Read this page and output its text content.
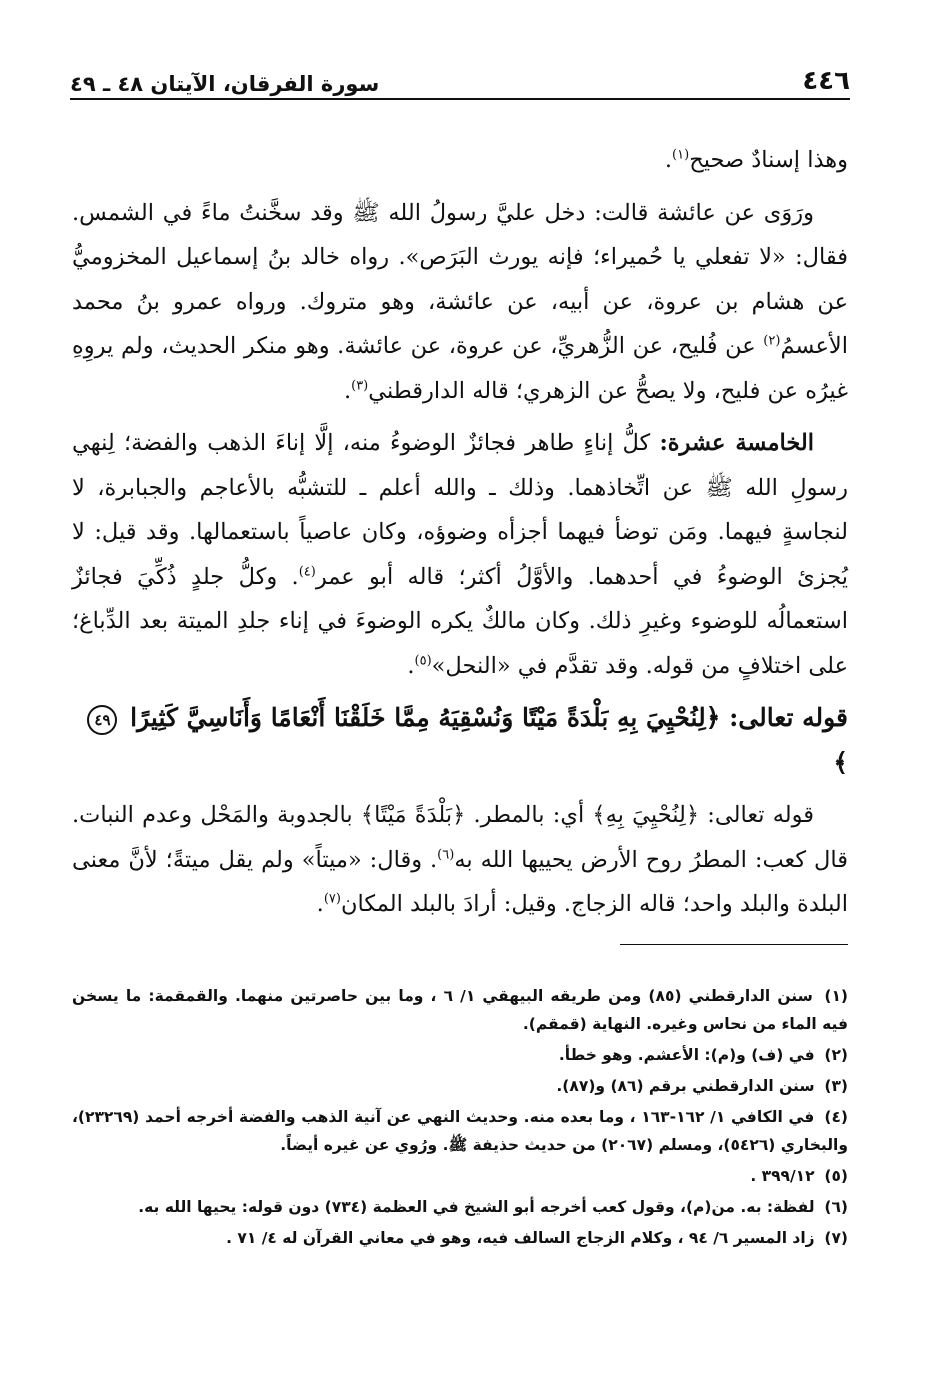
٤٤٦
سورة الفرقان، الآيتان ٤٨ ـ ٤٩

وهذا إسنادٌ صحيح$^{(١)}$.

ورَوَى عن عائشة قالت: دخل عليَّ رسولُ الله ﷺ وقد سخَّنتُ ماءً في الشمس. فقال: «لا تفعلي يا حُميراء؛ فإنه يورث البَرَص». رواه خالد بنُ إسماعيل المخزوميُّ عن هشام بن عروة، عن أبيه، عن عائشة، وهو متروك. ورواه عمرو بنُ محمد الأعسمُ$^{(٢)}$ عن فُليح، عن الزُّهريِّ، عن عروة، عن عائشة. وهو منكر الحديث، ولم يروِهِ غيرُه عن فليح، ولا يصحُّ عن الزهري؛ قاله الدارقطني$^{(٣)}$.

الخامسة عشرة: كلُّ إناءٍ طاهر فجائزٌ الوضوءُ منه، إلَّا إناءَ الذهب والفضة؛ لِنهي رسولِ الله ﷺ عن اتِّخاذهما. وذلك ـ والله أعلم ـ للتشبُّه بالأعاجم والجبابرة، لا لنجاسةٍ فيهما. ومَن توضأ فيهما أجزأه وضوؤه، وكان عاصياً باستعمالها. وقد قيل: لا يُجزئ الوضوءُ في أحدهما. والأوَّلُ أكثر؛ قاله أبو عمر$^{(٤)}$. وكلُّ جلدٍ ذُكِّيَ فجائزٌ استعمالُه للوضوء وغيرِ ذلك. وكان مالكٌ يكره الوضوءَ في إناء جلدِ الميتة بعد الدِّباغ؛ على اختلافٍ من قوله. وقد تقدَّم في «النحل»$^{(٥)}$.

قوله تعالى: ﴿لِنُحْيِيَ بِهِ بَلْدَةً مَيْتًا وَنُسْقِيَهُ مِمَّا خَلَقْنَا أَنْعَامًا وَأَنَاسِيَّ كَثِيرًا ٤٩﴾

قوله تعالى: ﴿لِنُحْيِيَ بِهِ﴾ أي: بالمطر. ﴿بَلْدَةً مَيْتًا﴾ بالجدوبة والمَحْل وعدم النبات. قال كعب: المطرُ روح الأرض يحييها الله به$^{(٦)}$. وقال: «ميتاً» ولم يقل ميتةً؛ لأنَّ معنى البلدة والبلد واحد؛ قاله الزجاج. وقيل: أرادَ بالبلد المكان$^{(٧)}$.

(١) سنن الدارقطني (٨٥) ومن طريقه البيهقي ١/ ٦ ، وما بين حاصرتين منهما. والقمقمة: ما يسخن فيه الماء من نحاس وغيره. النهاية (قمقم).
(٢) في (ف) و(م): الأعشم. وهو خطأ.
(٣) سنن الدارقطني برقم (٨٦) و(٨٧).
(٤) في الكافي ١/ ١٦٢-١٦٣ ، وما بعده منه. وحديث النهي عن آنية الذهب والفضة أخرجه أحمد (٢٣٢٦٩)، والبخاري (٥٤٢٦)، ومسلم (٢٠٦٧) من حديث حذيفة ﷺ. ورُوي عن غيره أيضاً.
(٥) ٣٩٩/١٢ .
(٦) لفظة: به. من(م)، وقول كعب أخرجه أبو الشيخ في العظمة (٧٣٤) دون قوله: يحيها الله به.
(٧) زاد المسير ٦/ ٩٤ ، وكلام الزجاج السالف فيه، وهو في معاني القرآن له ٤/ ٧١ .
